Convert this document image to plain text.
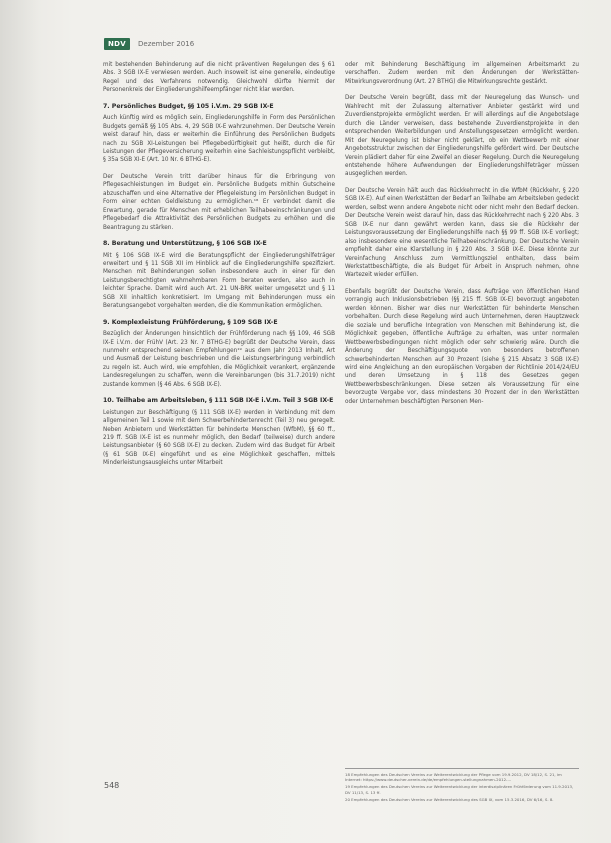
NDV	Dezember 2016

mit bestehenden Behinderung auf die nicht präventiven Regelungen des § 61 Abs. 3 SGB IX-E verwiesen werden. Auch insoweit ist eine generelle, eindeutige Regel und des Verfahrens notwendig. Gleichwohl dürfte hiermit der Personenkreis der Eingliederungshilfeempfänger nicht klar werden.

7. Persönliches Budget, §§ 105 i.V.m. 29 SGB IX-E

Auch künftig wird es möglich sein, Eingliederungshilfe in Form des Persönlichen Budgets gemäß §§ 105 Abs. 4, 29 SGB IX-E wahrzunehmen. Der Deutsche Verein weist darauf hin, dass er weiterhin die Einführung des Persönlichen Budgets nach zu SGB XI-Leistungen bei Pflegebedürftigkeit gut heißt, durch die für Leistungen der Pflegeversicherung weiterhin eine Sachleistungspflicht verbleibt, § 35a SGB XI-E (Art. 10 Nr. 6 BTHG-E).

Der Deutsche Verein tritt darüber hinaus für die Erbringung von Pflegesachleistungen im Budget ein. Persönliche Budgets mithin Gutscheine abzuschaffen und eine Alternative der Pflegeleistung im Persönlichen Budget in Form einer echten Geldleistung zu ermöglichen.¹⁸ Er verbindet damit die Erwartung, gerade für Menschen mit erheblichen Teilhabeeinschränkungen und Pflegebedarf die Attraktivität des Persönlichen Budgets zu erhöhen und die Beantragung zu stärken.

8. Beratung und Unterstützung, § 106 SGB IX-E

Mit § 106 SGB IX-E wird die Beratungspflicht der Eingliederungshilfeträger erweitert und § 11 SGB XII im Hinblick auf die Eingliederungshilfe spezifiziert. Menschen mit Behinderungen sollen insbesondere auch in einer für den Leistungsberechtigten wahrnehmbaren Form beraten werden, also auch in leichter Sprache. Damit wird auch Art. 21 UN-BRK weiter umgesetzt und § 11 SGB XII inhaltlich konkretisiert. Im Umgang mit Behinderungen muss ein Beratungsangebot vorgehalten werden, die die Kommunikation ermöglichen.

9. Komplexleistung Frühförderung, § 109 SGB IX-E

Bezüglich der Änderungen hinsichtlich der Frühförderung nach §§ 109, 46 SGB IX-E i.V.m. der FrühV (Art. 23 Nr. 7 BTHG-E) begrüßt der Deutsche Verein, dass nunmehr entsprechend seinen Empfehlungen¹⁹ aus dem Jahr 2013 Inhalt, Art und Ausmaß der Leistung beschrieben und die Leistungserbringung verbindlich zu regeln ist. Auch wird, wie empfohlen, die Möglichkeit verankert, ergänzende Landesregelungen zu schaffen, wenn die Vereinbarungen (bis 31.7.2019) nicht zustande kommen (§ 46 Abs. 6 SGB IX-E).

10. Teilhabe am Arbeitsleben, § 111 SGB IX-E i.V.m. Teil 3 SGB IX-E

Leistungen zur Beschäftigung (§ 111 SGB IX-E) werden in Verbindung mit dem allgemeinen Teil 1 sowie mit dem Schwerbehindertenrecht (Teil 3) neu geregelt. Neben Anbietern und Werkstätten für behinderte Menschen (WfbM), §§ 60 ff., 219 ff. SGB IX-E ist es nunmehr möglich, den Bedarf (teilweise) durch andere Leistungsanbieter (§ 60 SGB IX-E) zu decken. Zudem wird das Budget für Arbeit (§ 61 SGB IX-E) eingeführt und es eine Möglichkeit geschaffen, mittels Minderleistungsausgleichs unter Mitarbeit

oder mit Behinderung Beschäftigung im allgemeinen Arbeitsmarkt zu verschaffen. Zudem werden mit den Änderungen der Werkstätten-Mitwirkungsverordnung (Art. 27 BTHG) die Mitwirkungsrechte gestärkt.

Der Deutsche Verein begrüßt, dass mit der Neuregelung das Wunsch- und Wahlrecht mit der Zulassung alternativer Anbieter gestärkt wird und Zuverdienstprojekte ermöglicht werden. Er will allerdings auf die Angebotslage durch die Länder verweisen, dass bestehende Zuverdienstprojekte in den entsprechenden Weiterbildungen und Anstellungsgesetzen ermöglicht werden. Mit der Neuregelung ist bisher nicht geklärt, ob ein Wettbewerb mit einer Angebotsstruktur zwischen der Eingliederungshilfe gefördert wird. Der Deutsche Verein plädiert daher für eine Zweifel an dieser Regelung. Durch die Neuregelung entstehende höhere Aufwendungen der Eingliederungshilfeträger müssen ausgeglichen werden.

Der Deutsche Verein hält auch das Rückkehrrecht in die WfbM (Rückkehr, § 220 SGB IX-E). Auf einen Werkstätten der Bedarf an Teilhabe am Arbeitsleben gedeckt werden, selbst wenn andere Angebote nicht oder nicht mehr den Bedarf decken. Der Deutsche Verein weist darauf hin, dass das Rückkehrrecht nach § 220 Abs. 3 SGB IX-E nur dann gewährt werden kann, dass sie die Rückkehr der Leistungsvoraussetzung der Eingliederungshilfe nach §§ 99 ff. SGB IX-E vorliegt; also insbesondere eine wesentliche Teilhabeeinschränkung. Der Deutsche Verein empfiehlt daher eine Klarstellung in § 220 Abs. 3 SGB IX-E. Diese könnte zur Vereinfachung Anschluss zum Vermittlungsziel enthalten, dass beim Werkstattbeschäftigte, die als Budget für Arbeit in Anspruch nehmen, ohne Wartezeit wieder erfüllen.

Ebenfalls begrüßt der Deutsche Verein, dass Aufträge von öffentlichen Hand vorrangig auch Inklusionsbetrieben (§§ 215 ff. SGB IX-E) bevorzugt angeboten werden können. Bisher war dies nur Werkstätten für behinderte Menschen vorbehalten. Durch diese Regelung wird auch Unternehmen, deren Hauptzweck die soziale und berufliche Integration von Menschen mit Behinderung ist, die Möglichkeit gegeben, öffentliche Aufträge zu erhalten, was unter normalen Wettbewerbsbedingungen nicht möglich oder sehr schwierig wäre. Durch die Änderung der Beschäftigungsquote von besonders betroffenen schwerbehinderten Menschen auf 30 Prozent (siehe § 215 Absatz 3 SGB IX-E) wird eine Angleichung an den europäischen Vorgaben der Richtlinie 2014/24/EU und deren Umsetzung in § 118 des Gesetzes gegen Wettbewerbsbeschränkungen. Diese setzen als Voraussetzung für eine bevorzugte Vergabe vor, dass mindestens 30 Prozent der in den Werkstätten oder Unternehmen beschäftigten Personen Men-

18 Empfehlungen des Deutschen Vereins zur Weiterentwicklung der Pflege vom 19.9.2012, DV 18/12, S. 21, im Internet: https://www.deutscher-verein.de/de/empfehlungen-stellungnahmen-2012-...
19 Empfehlungen des Deutschen Vereins zur Weiterentwicklung der interdisziplinären Frühförderung vom 11.9.2013, DV 11/13, S. 13 ff.
20 Empfehlungen des Deutschen Vereins zur Weiterentwicklung des SGB IX, vom 15.3.2016, DV 6/16, S. 8.
548
